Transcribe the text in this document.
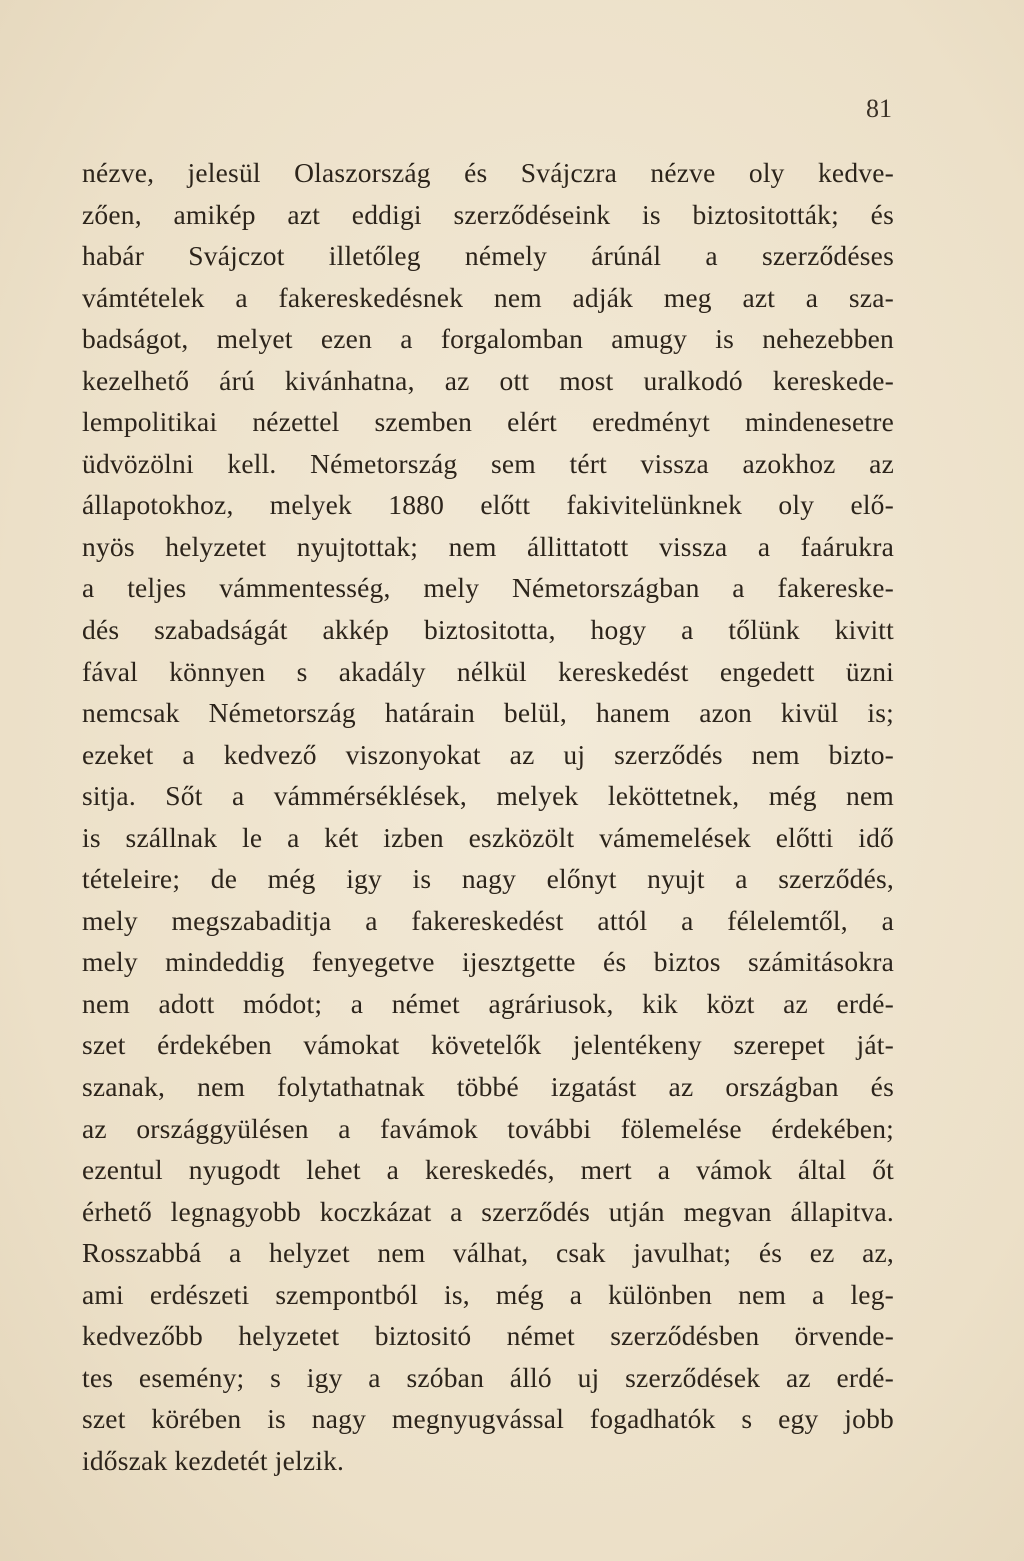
81
nézve, jelesül Olaszország és Svájczra nézve oly kedve-
zően, amikép azt eddigi szerződéseink is biztositották; és
habár Svájczot illetőleg némely árúnál a szerződéses
vámtételek a fakereskedésnek nem adják meg azt a sza-
badságot, melyet ezen a forgalomban amugy is nehezebben
kezelhető árú kivánhatna, az ott most uralkodó kereskede-
lempolitikai nézettel szemben elért eredményt mindenesetre
üdvözölni kell. Németország sem tért vissza azokhoz az
állapotokhoz, melyek 1880 előtt fakivitelünknek oly elő-
nyös helyzetet nyujtottak; nem állittatott vissza a faárukra
a teljes vámmentesség, mely Németországban a fakereske-
dés szabadságát akkép biztositotta, hogy a tőlünk kivitt
fával könnyen s akadály nélkül kereskedést engedett üzni
nemcsak Németország határain belül, hanem azon kivül is;
ezeket a kedvező viszonyokat az uj szerződés nem bizto-
sitja. Sőt a vámmérséklések, melyek leköttetnek, még nem
is szállnak le a két izben eszközölt vámemelések előtti idő
tételeire; de még igy is nagy előnyt nyujt a szerződés,
mely megszabaditja a fakereskedést attól a félelemtől, a
mely mindeddig fenyegetve ijesztgette és biztos számitásokra
nem adott módot; a német agráriusok, kik közt az erdé-
szet érdekében vámokat követelők jelentékeny szerepet ját-
szanak, nem folytathatnak többé izgatást az országban és
az országgyülésen a favámok további fölemelése érdekében;
ezentul nyugodt lehet a kereskedés, mert a vámok által őt
érhető legnagyobb koczkázat a szerződés utján megvan állapitva.
Rosszabbá a helyzet nem válhat, csak javulhat; és ez az,
ami erdészeti szempontból is, még a különben nem a leg-
kedvezőbb helyzetet biztositó német szerződésben örvende-
tes esemény; s igy a szóban álló uj szerződések az erdé-
szet körében is nagy megnyugvással fogadhatók s egy jobb
időszak kezdetét jelzik.
